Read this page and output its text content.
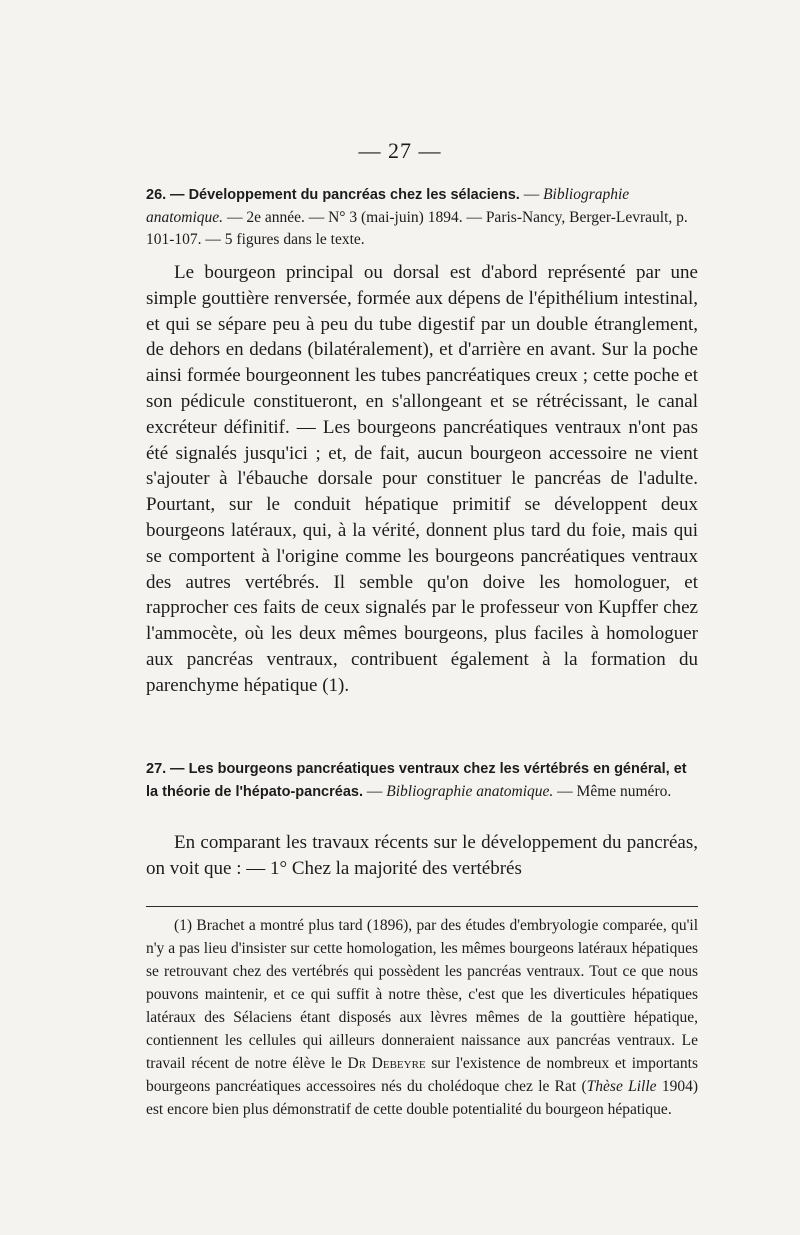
— 27 —
26. — Développement du pancréas chez les sélaciens. — Bibliographie anatomique. — 2e année. — N° 3 (mai-juin) 1894. — Paris-Nancy, Berger-Levrault, p. 101-107. — 5 figures dans le texte.
Le bourgeon principal ou dorsal est d'abord représenté par une simple gouttière renversée, formée aux dépens de l'épithélium intestinal, et qui se sépare peu à peu du tube digestif par un double étranglement, de dehors en dedans (bilatéralement), et d'arrière en avant. Sur la poche ainsi formée bourgeonnent les tubes pancréatiques creux ; cette poche et son pédicule constitueront, en s'allongeant et se rétrécissant, le canal excréteur définitif. — Les bourgeons pancréatiques ventraux n'ont pas été signalés jusqu'ici ; et, de fait, aucun bourgeon accessoire ne vient s'ajouter à l'ébauche dorsale pour constituer le pancréas de l'adulte. Pourtant, sur le conduit hépatique primitif se développent deux bourgeons latéraux, qui, à la vérité, donnent plus tard du foie, mais qui se comportent à l'origine comme les bourgeons pancréatiques ventraux des autres vertébrés. Il semble qu'on doive les homologuer, et rapprocher ces faits de ceux signalés par le professeur von Kupffer chez l'ammocète, où les deux mêmes bourgeons, plus faciles à homologuer aux pancréas ventraux, contribuent également à la formation du parenchyme hépatique (1).
27. — Les bourgeons pancréatiques ventraux chez les vértébrés en général, et la théorie de l'hépato-pancréas. — Bibliographie anatomique. — Même numéro.
En comparant les travaux récents sur le développement du pancréas, on voit que : — 1° Chez la majorité des vertébrés
(1) Brachet a montré plus tard (1896), par des études d'embryologie comparée, qu'il n'y a pas lieu d'insister sur cette homologation, les mêmes bourgeons latéraux hépatiques se retrouvant chez des vertébrés qui possèdent les pancréas ventraux. Tout ce que nous pouvons maintenir, et ce qui suffit à notre thèse, c'est que les diverticules hépatiques latéraux des Sélaciens étant disposés aux lèvres mêmes de la gouttière hépatique, contiennent les cellules qui ailleurs donneraient naissance aux pancréas ventraux. Le travail récent de notre élève le Dr Debeyre sur l'existence de nombreux et importants bourgeons pancréatiques accessoires nés du cholédoque chez le Rat (Thèse Lille 1904) est encore bien plus démonstratif de cette double potentialité du bourgeon hépatique.
